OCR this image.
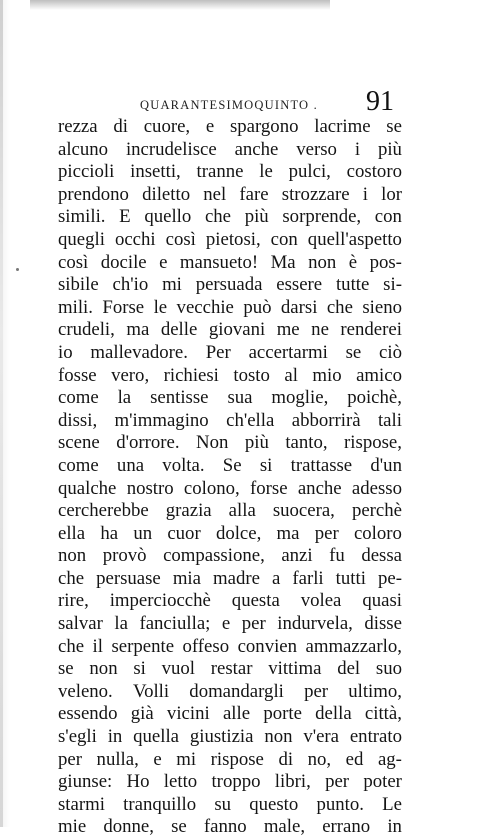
QUARANTESIMOQUINTO . 91
rezza di cuore, e spargono lacrime se
alcuno incrudelisce anche verso i più
piccioli insetti, tranne le pulci, costoro
prendono diletto nel fare strozzare i lor
simili. E quello che più sorprende, con
quegli occhi così pietosi, con quell'aspetto
così docile e mansueto! Ma non è pos-
sibile ch'io mi persuada essere tutte si-
mili. Forse le vecchie può darsi che sieno
crudeli, ma delle giovani me ne renderei
io mallevadore. Per accertarmi se ciò
fosse vero, richiesi tosto al mio amico
come la sentisse sua moglie, poichè,
dissi, m'immagino ch'ella abborrirà tali
scene d'orrore. Non più tanto, rispose,
come una volta. Se si trattasse d'un
qualche nostro colono, forse anche adesso
cercherebbe grazia alla suocera, perchè
ella ha un cuor dolce, ma per coloro
non provò compassione, anzi fu dessa
che persuase mia madre a farli tutti pe-
rire, imperciocchè questa volea quasi
salvar la fanciulla; e per indurvela, disse
che il serpente offeso convien ammazzarlo,
se non si vuol restar vittima del suo
veleno. Volli domandargli per ultimo,
essendo già vicini alle porte della città,
s'egli in quella giustizia non v'era entrato
per nulla, e mi rispose di no, ed ag-
giunse: Ho letto troppo libri, per poter
starmi tranquillo su questo punto. Le
mie donne, se fanno male, errano in
